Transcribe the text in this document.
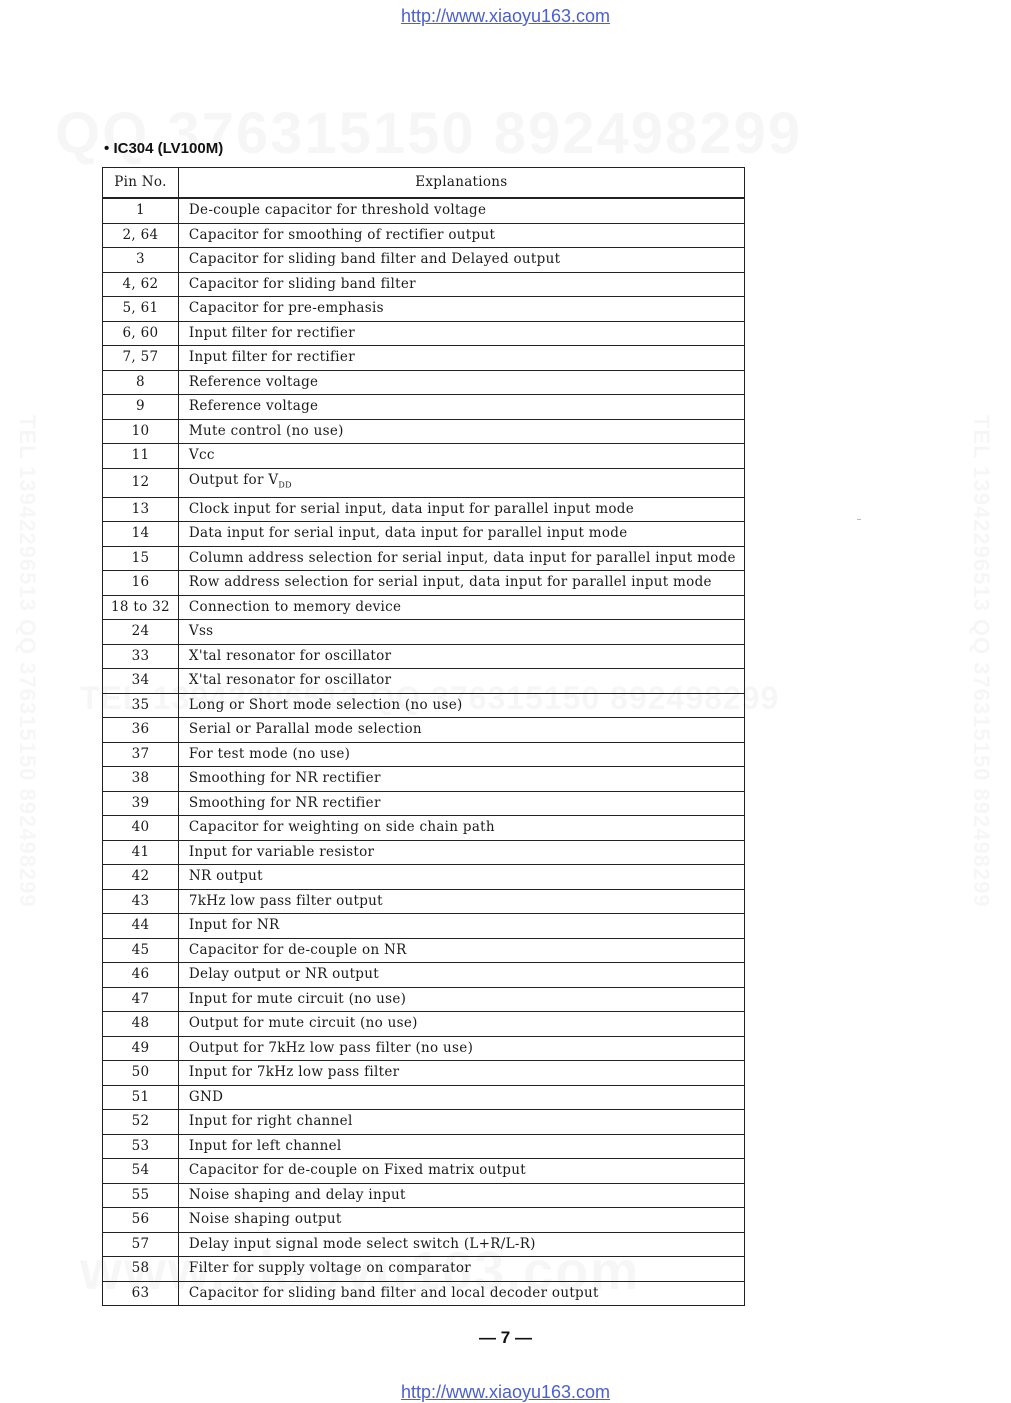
http://www.xiaoyu163.com
• IC304 (LV100M)
Pin No.	Explanations
1	De-couple capacitor for threshold voltage
2, 64	Capacitor for smoothing of rectifier output
3	Capacitor for sliding band filter and Delayed output
4, 62	Capacitor for sliding band filter
5, 61	Capacitor for pre-emphasis
6, 60	Input filter for rectifier
7, 57	Input filter for rectifier
8	Reference voltage
9	Reference voltage
10	Mute control (no use)
11	Vcc
12	Output for $V_{DD}$
13	Clock input for serial input, data input for parallel input mode
14	Data input for serial input, data input for parallel input mode
15	Column address selection for serial input, data input for parallel input mode
16	Row address selection for serial input, data input for parallel input mode
18 to 32	Connection to memory device
24	Vss
33	X'tal resonator for oscillator
34	X'tal resonator for oscillator
35	Long or Short mode selection (no use)
36	Serial or Parallal mode selection
37	For test mode (no use)
38	Smoothing for NR rectifier
39	Smoothing for NR rectifier
40	Capacitor for weighting on side chain path
41	Input for variable resistor
42	NR output
43	7kHz low pass filter output
44	Input for NR
45	Capacitor for de-couple on NR
46	Delay output or NR output
47	Input for mute circuit (no use)
48	Output for mute circuit (no use)
49	Output for 7kHz low pass filter (no use)
50	Input for 7kHz low pass filter
51	GND
52	Input for right channel
53	Input for left channel
54	Capacitor for de-couple on Fixed matrix output
55	Noise shaping and delay input
56	Noise shaping output
57	Delay input signal mode select switch (L+R/L-R)
58	Filter for supply voltage on comparator
63	Capacitor for sliding band filter and local decoder output
— 7 —
http://www.xiaoyu163.com
